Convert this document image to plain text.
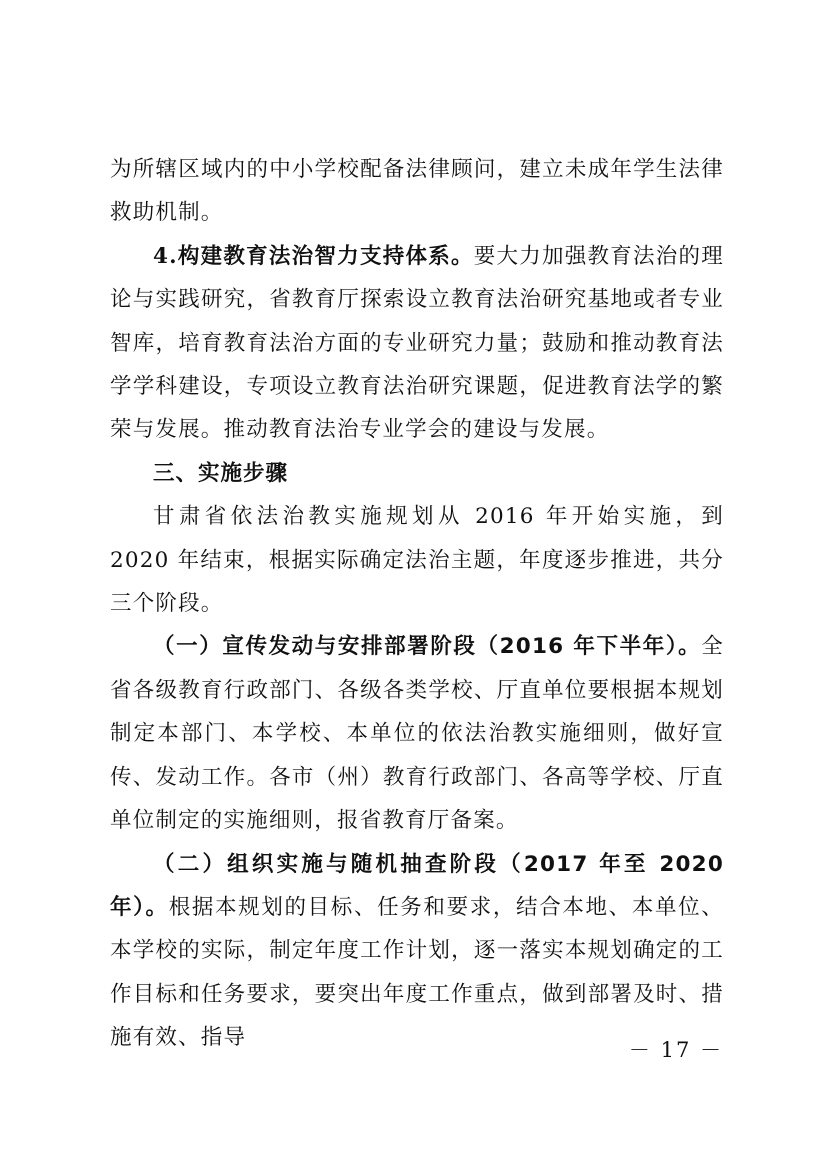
为所辖区域内的中小学校配备法律顾问，建立未成年学生法律救助机制。

4.构建教育法治智力支持体系。要大力加强教育法治的理论与实践研究，省教育厅探索设立教育法治研究基地或者专业智库，培育教育法治方面的专业研究力量；鼓励和推动教育法学学科建设，专项设立教育法治研究课题，促进教育法学的繁荣与发展。推动教育法治专业学会的建设与发展。

三、实施步骤

甘肃省依法治教实施规划从 2016 年开始实施，到 2020 年结束，根据实际确定法治主题，年度逐步推进，共分三个阶段。

（一）宣传发动与安排部署阶段（2016 年下半年）。全省各级教育行政部门、各级各类学校、厅直单位要根据本规划制定本部门、本学校、本单位的依法治教实施细则，做好宣传、发动工作。各市（州）教育行政部门、各高等学校、厅直单位制定的实施细则，报省教育厅备案。

（二）组织实施与随机抽查阶段（2017 年至 2020 年）。根据本规划的目标、任务和要求，结合本地、本单位、本学校的实际，制定年度工作计划，逐一落实本规划确定的工作目标和任务要求，要突出年度工作重点，做到部署及时、措施有效、指导	－ 17 －
